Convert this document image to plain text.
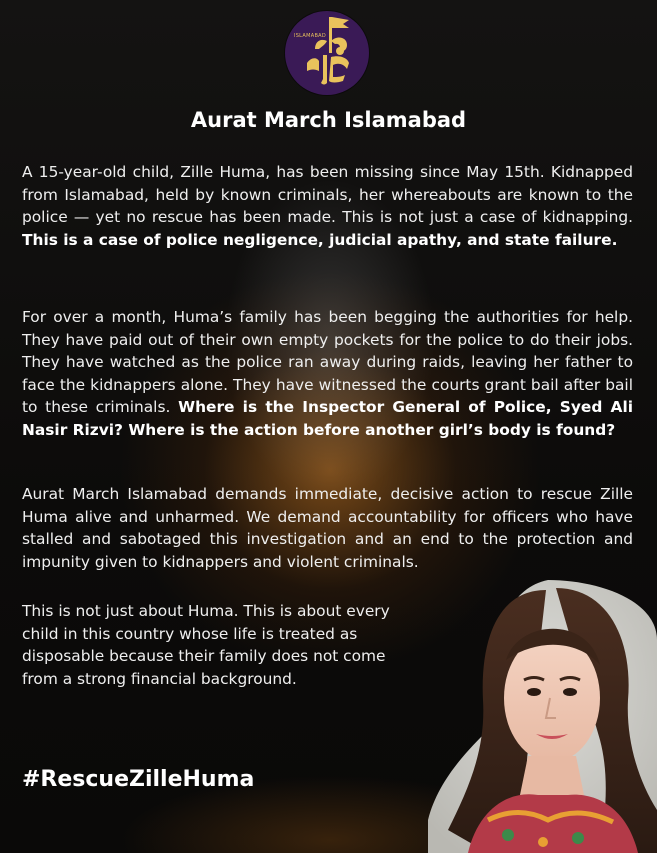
ISLAMABAD
Aurat March Islamabad
A 15-year-old child, Zille Huma, has been missing since May 15th. Kidnapped from Islamabad, held by known criminals, her whereabouts are known to the police — yet no rescue has been made. This is not just a case of kidnapping. This is a case of police negligence, judicial apathy, and state failure.
For over a month, Huma’s family has been begging the authorities for help. They have paid out of their own empty pockets for the police to do their jobs. They have watched as the police ran away during raids, leaving her father to face the kidnappers alone. They have witnessed the courts grant bail after bail to these criminals. Where is the Inspector General of Police, Syed Ali Nasir Rizvi? Where is the action before another girl’s body is found?
Aurat March Islamabad demands immediate, decisive action to rescue Zille Huma alive and unharmed. We demand accountability for officers who have stalled and sabotaged this investigation and an end to the protection and impunity given to kidnappers and violent criminals.
This is not just about Huma. This is about every child in this country whose life is treated as disposable because their family does not come from a strong financial background.
#RescueZilleHuma
